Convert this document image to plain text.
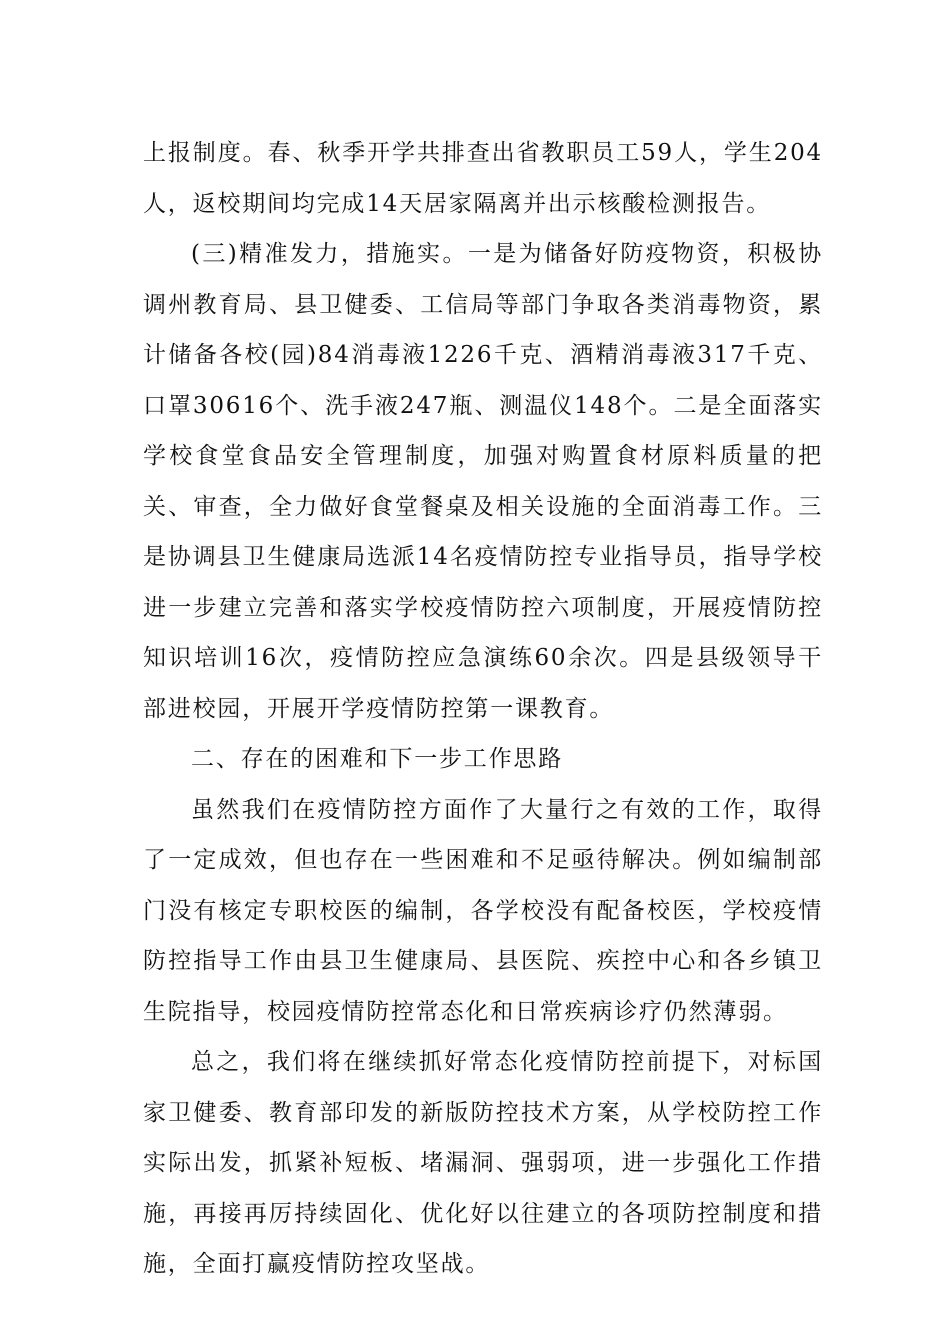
上报制度。春、秋季开学共排查出省教职员工59人，学生204人，返校期间均完成14天居家隔离并出示核酸检测报告。

(三)精准发力，措施实。一是为储备好防疫物资，积极协调州教育局、县卫健委、工信局等部门争取各类消毒物资，累计储备各校(园)84消毒液1226千克、酒精消毒液317千克、口罩30616个、洗手液247瓶、测温仪148个。二是全面落实学校食堂食品安全管理制度，加强对购置食材原料质量的把关、审查，全力做好食堂餐桌及相关设施的全面消毒工作。三是协调县卫生健康局选派14名疫情防控专业指导员，指导学校进一步建立完善和落实学校疫情防控六项制度，开展疫情防控知识培训16次，疫情防控应急演练60余次。四是县级领导干部进校园，开展开学疫情防控第一课教育。

二、存在的困难和下一步工作思路

虽然我们在疫情防控方面作了大量行之有效的工作，取得了一定成效，但也存在一些困难和不足亟待解决。例如编制部门没有核定专职校医的编制，各学校没有配备校医，学校疫情防控指导工作由县卫生健康局、县医院、疾控中心和各乡镇卫生院指导，校园疫情防控常态化和日常疾病诊疗仍然薄弱。

总之，我们将在继续抓好常态化疫情防控前提下，对标国家卫健委、教育部印发的新版防控技术方案，从学校防控工作实际出发，抓紧补短板、堵漏洞、强弱项，进一步强化工作措施，再接再厉持续固化、优化好以往建立的各项防控制度和措施，全面打赢疫情防控攻坚战。
